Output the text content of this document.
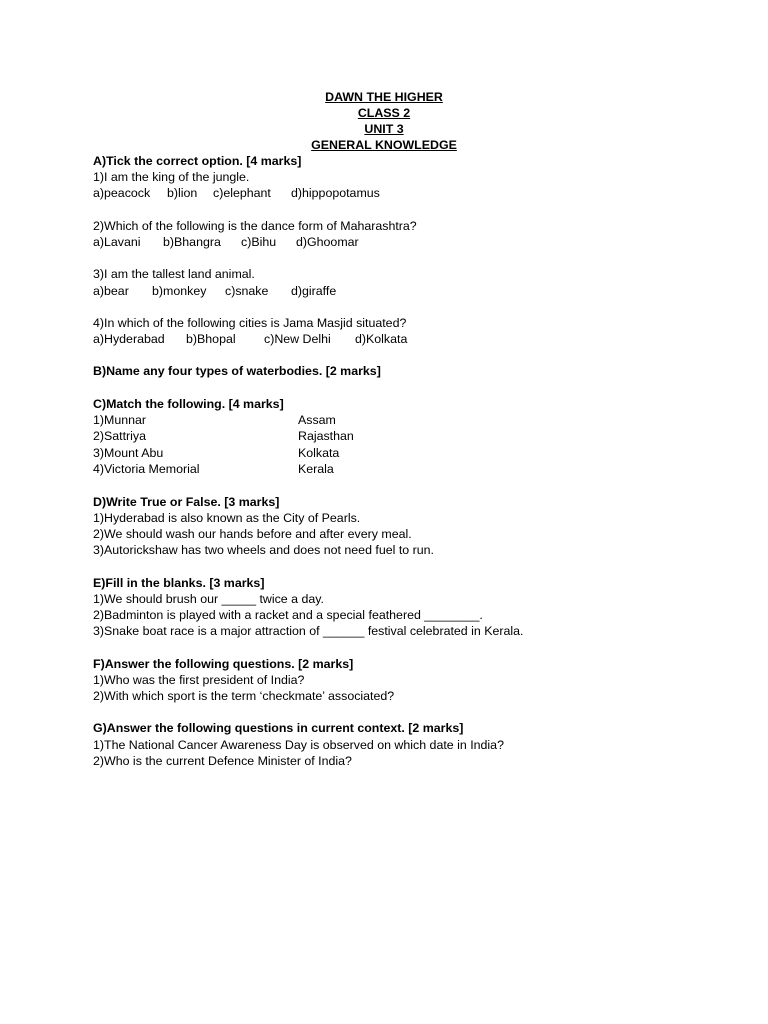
DAWN THE HIGHER
CLASS 2
UNIT 3
GENERAL KNOWLEDGE
A)Tick the correct option. [4 marks]
1)I am the king of the jungle.
a)peacock b)lion c)elephant d)hippopotamus
2)Which of the following is the dance form of Maharashtra?
a)Lavani b)Bhangra c)Bihu d)Ghoomar
3)I am the tallest land animal.
a)bear b)monkey c)snake d)giraffe
4)In which of the following cities is Jama Masjid situated?
a)Hyderabad b)Bhopal c)New Delhi d)Kolkata
B)Name any four types of waterbodies. [2 marks]
C)Match the following. [4 marks]
1)Munnar	Assam
2)Sattriya	Rajasthan
3)Mount Abu	Kolkata
4)Victoria Memorial	Kerala
D)Write True or False. [3 marks]
1)Hyderabad is also known as the City of Pearls.
2)We should wash our hands before and after every meal.
3)Autorickshaw has two wheels and does not need fuel to run.
E)Fill in the blanks. [3 marks]
1)We should brush our _____ twice a day.
2)Badminton is played with a racket and a special feathered ________.
3)Snake boat race is a major attraction of ______ festival celebrated in Kerala.
F)Answer the following questions. [2 marks]
1)Who was the first president of India?
2)With which sport is the term ‘checkmate’ associated?
G)Answer the following questions in current context. [2 marks]
1)The National Cancer Awareness Day is observed on which date in India?
2)Who is the current Defence Minister of India?
